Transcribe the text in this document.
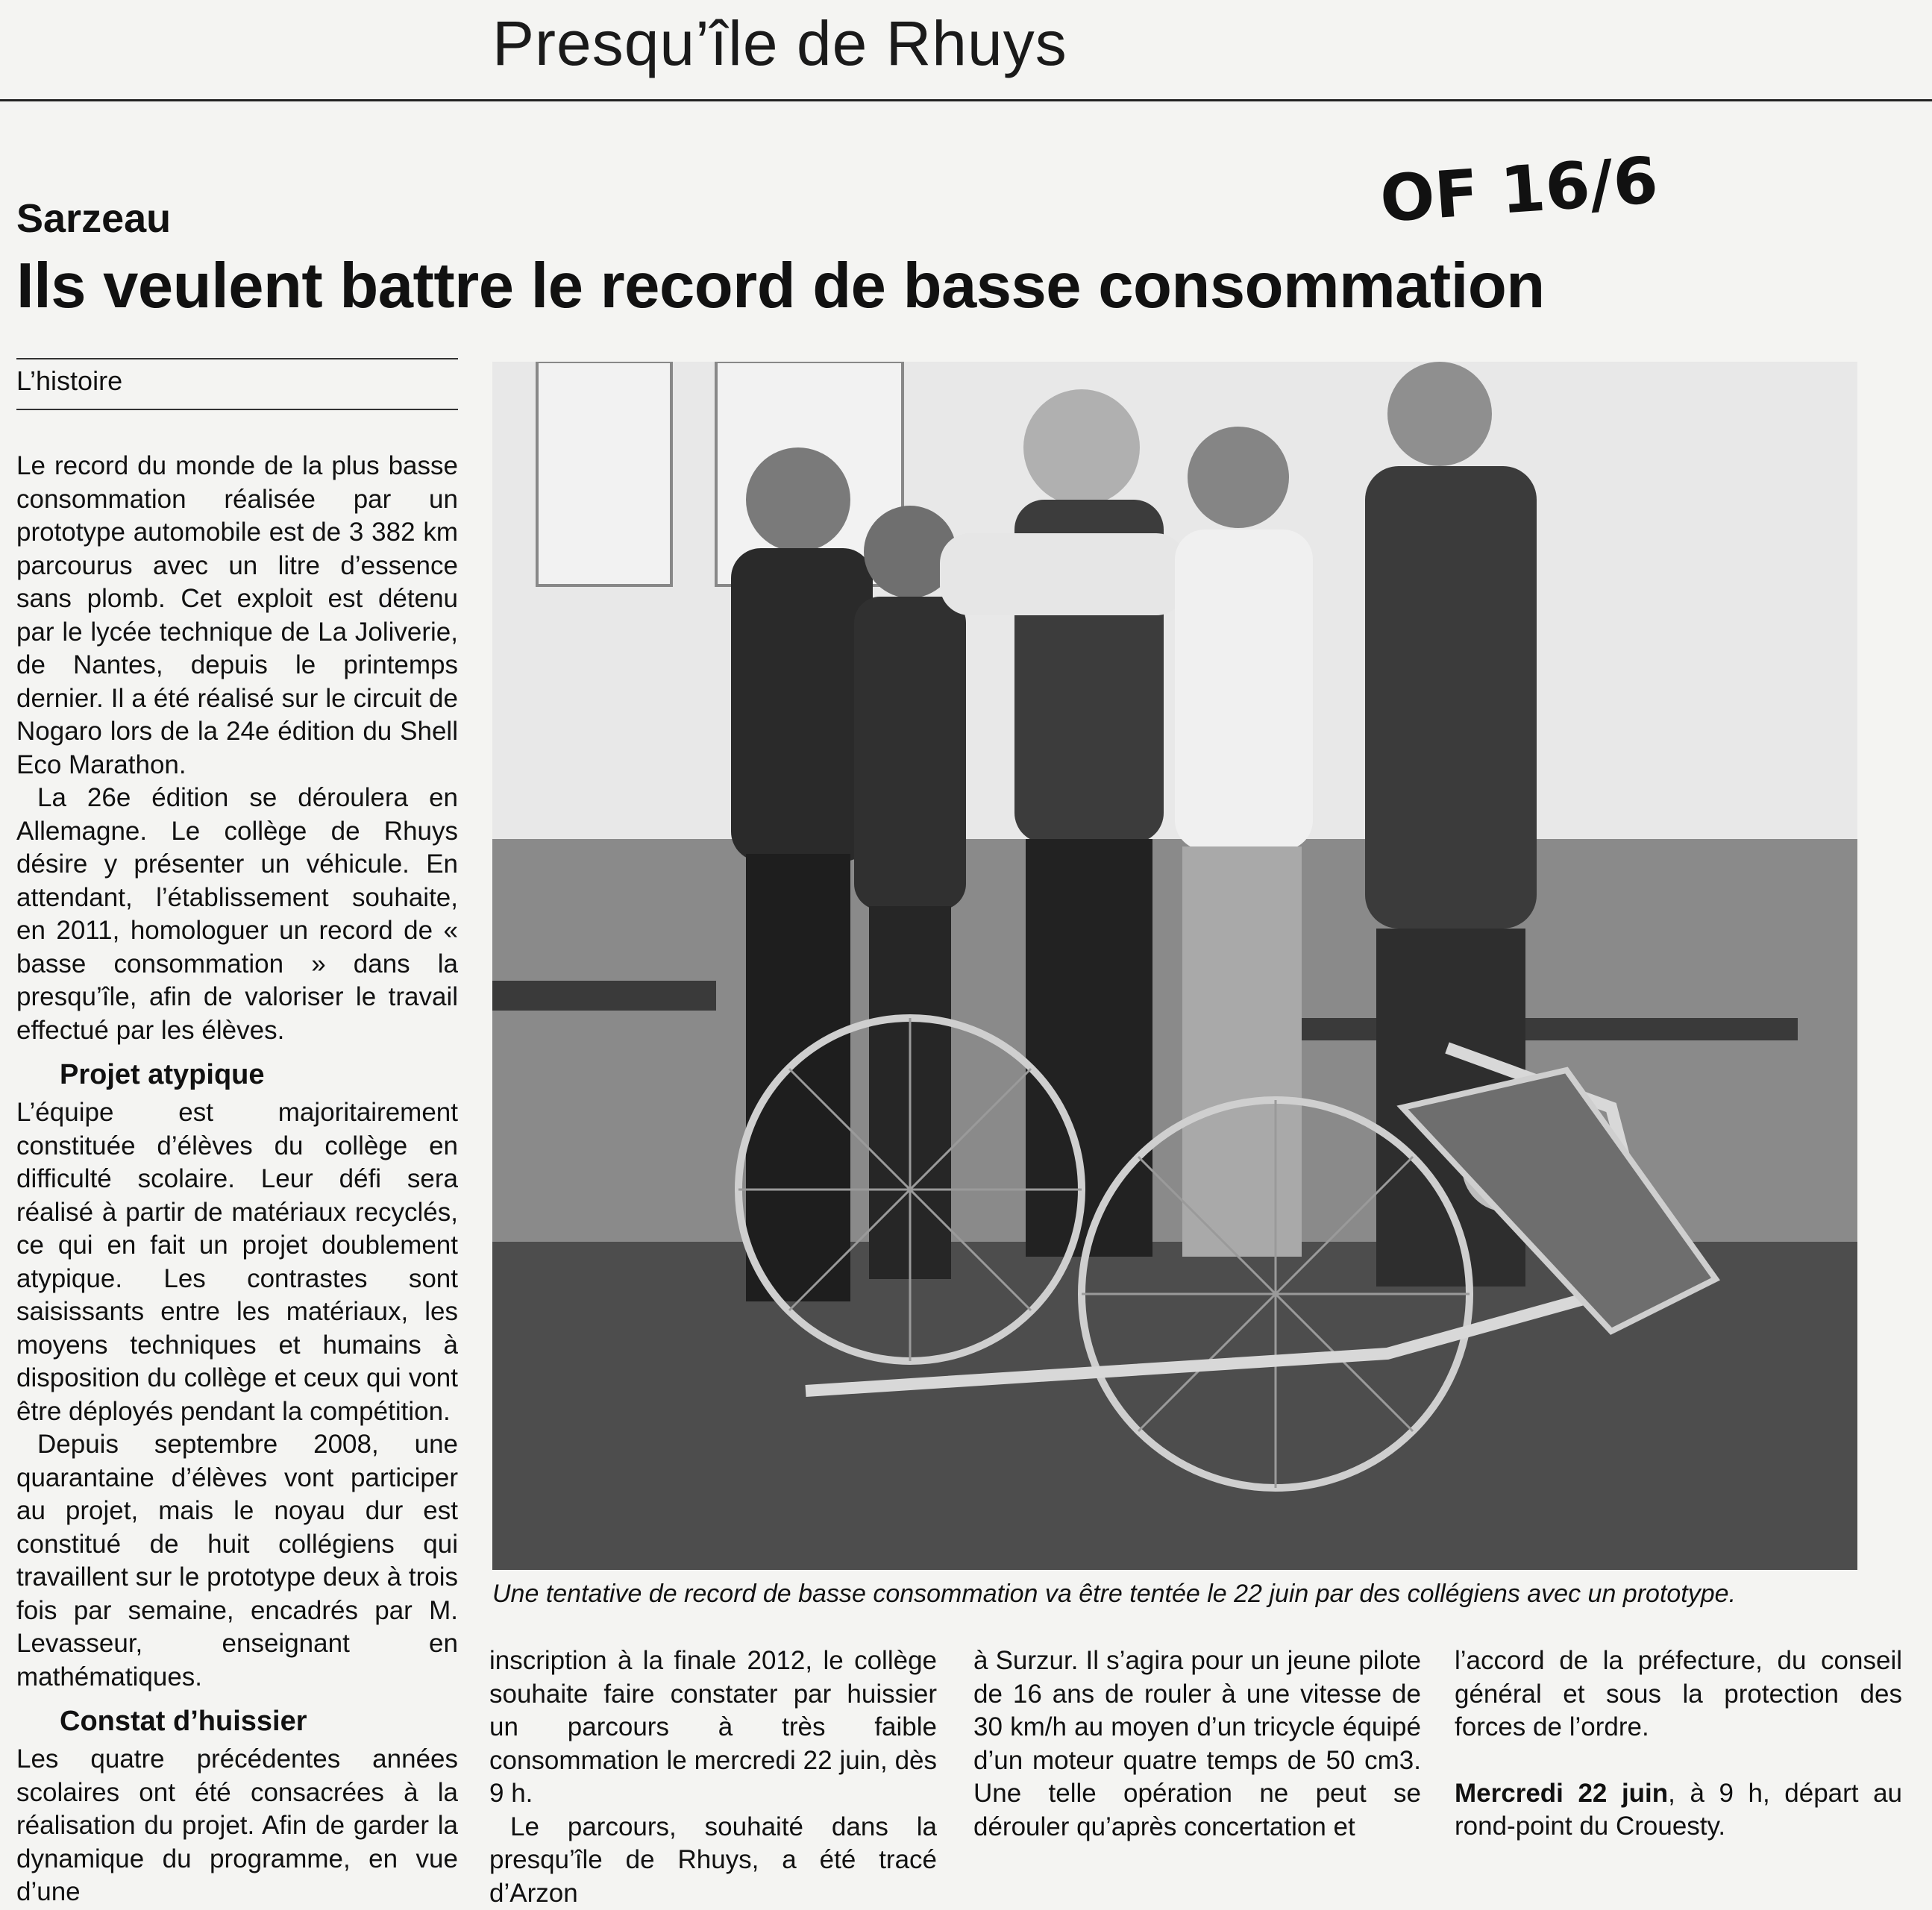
Presqu’île de Rhuys
OF 16/6
Sarzeau
Ils veulent battre le record de basse consommation
L’histoire

Le record du monde de la plus basse consommation réalisée par un prototype automobile est de 3 382 km parcourus avec un litre d’essence sans plomb. Cet exploit est détenu par le lycée technique de La Joliverie, de Nantes, depuis le printemps dernier. Il a été réalisé sur le circuit de Nogaro lors de la 24e édition du Shell Eco Marathon.

La 26e édition se déroulera en Allemagne. Le collège de Rhuys désire y présenter un véhicule. En attendant, l’établissement souhaite, en 2011, homologuer un record de « basse consommation » dans la presqu’île, afin de valoriser le travail effectué par les élèves.

Projet atypique

L’équipe est majoritairement constituée d’élèves du collège en difficulté scolaire. Leur défi sera réalisé à partir de matériaux recyclés, ce qui en fait un projet doublement atypique. Les contrastes sont saisissants entre les matériaux, les moyens techniques et humains à disposition du collège et ceux qui vont être déployés pendant la compétition.

Depuis septembre 2008, une quarantaine d’élèves vont participer au projet, mais le noyau dur est constitué de huit collégiens qui travaillent sur le prototype deux à trois fois par semaine, encadrés par M. Levasseur, enseignant en mathématiques.

Constat d’huissier

Les quatre précédentes années scolaires ont été consacrées à la réalisation du projet. Afin de garder la dynamique du programme, en vue d’une

Une tentative de record de basse consommation va être tentée le 22 juin par des collégiens avec un prototype.

inscription à la finale 2012, le collège souhaite faire constater par huissier un parcours à très faible consommation le mercredi 22 juin, dès 9 h.

Le parcours, souhaité dans la presqu’île de Rhuys, a été tracé d’Arzon

à Surzur. Il s’agira pour un jeune pilote de 16 ans de rouler à une vitesse de 30 km/h au moyen d’un tricycle équipé d’un moteur quatre temps de 50 cm3. Une telle opération ne peut se dérouler qu’après concertation et

l’accord de la préfecture, du conseil général et sous la protection des forces de l’ordre.

Mercredi 22 juin, à 9 h, départ au rond-point du Crouesty.
